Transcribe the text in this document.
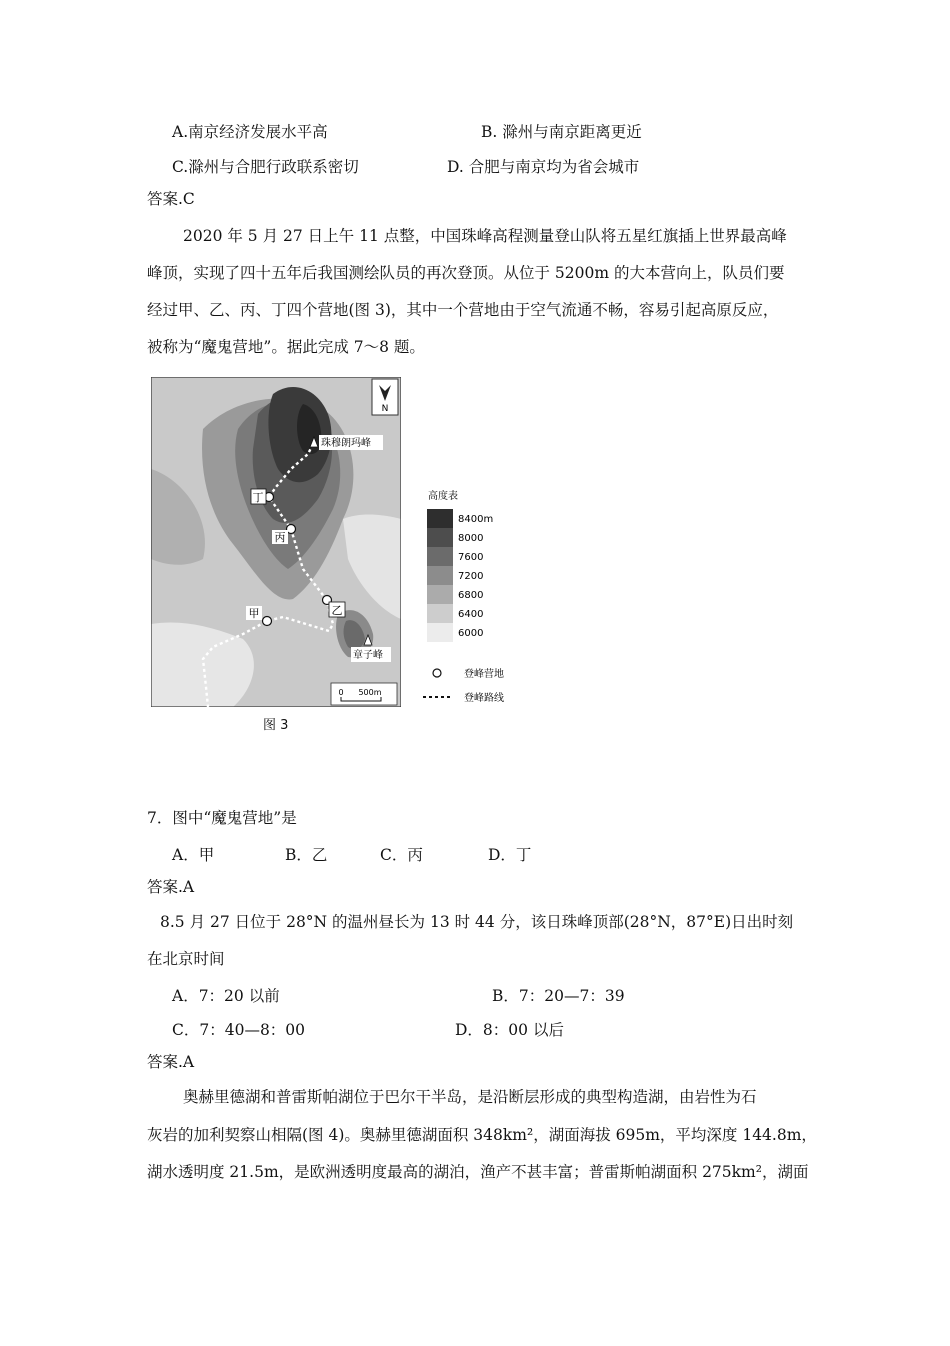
A.南京经济发展水平高	B. 滁州与南京距离更近
C.滁州与合肥行政联系密切	D. 合肥与南京均为省会城市
答案.C
2020 年 5 月 27 日上午 11 点整，中国珠峰高程测量登山队将五星红旗插上世界最高峰
峰顶，实现了四十五年后我国测绘队员的再次登顶。从位于 5200m 的大本营向上，队员们要
经过甲、乙、丙、丁四个营地(图 3)，其中一个营地由于空气流通不畅，容易引起高原反应，
被称为“魔鬼营地”。据此完成 7～8 题。
N
珠穆朗玛峰
章子峰
丁
丙
乙
甲
0 500m
高度表
8400m
8000
7600
7200
6800
6400
6000
登峰营地
登峰路线
图 3
7．图中“魔鬼营地”是
A．甲	B．乙	C．丙	D．丁
答案.A
8.5 月 27 日位于 28°N 的温州昼长为 13 时 44 分，该日珠峰顶部(28°N，87°E)日出时刻
在北京时间
A．7：20 以前	B．7：20—7：39
C．7：40—8：00	D．8：00 以后
答案.A
奥赫里德湖和普雷斯帕湖位于巴尔干半岛，是沿断层形成的典型构造湖，由岩性为石
灰岩的加利契察山相隔(图 4)。奥赫里德湖面积 348km²，湖面海拔 695m，平均深度 144.8m，
湖水透明度 21.5m，是欧洲透明度最高的湖泊，渔产不甚丰富；普雷斯帕湖面积 275km²，湖面
